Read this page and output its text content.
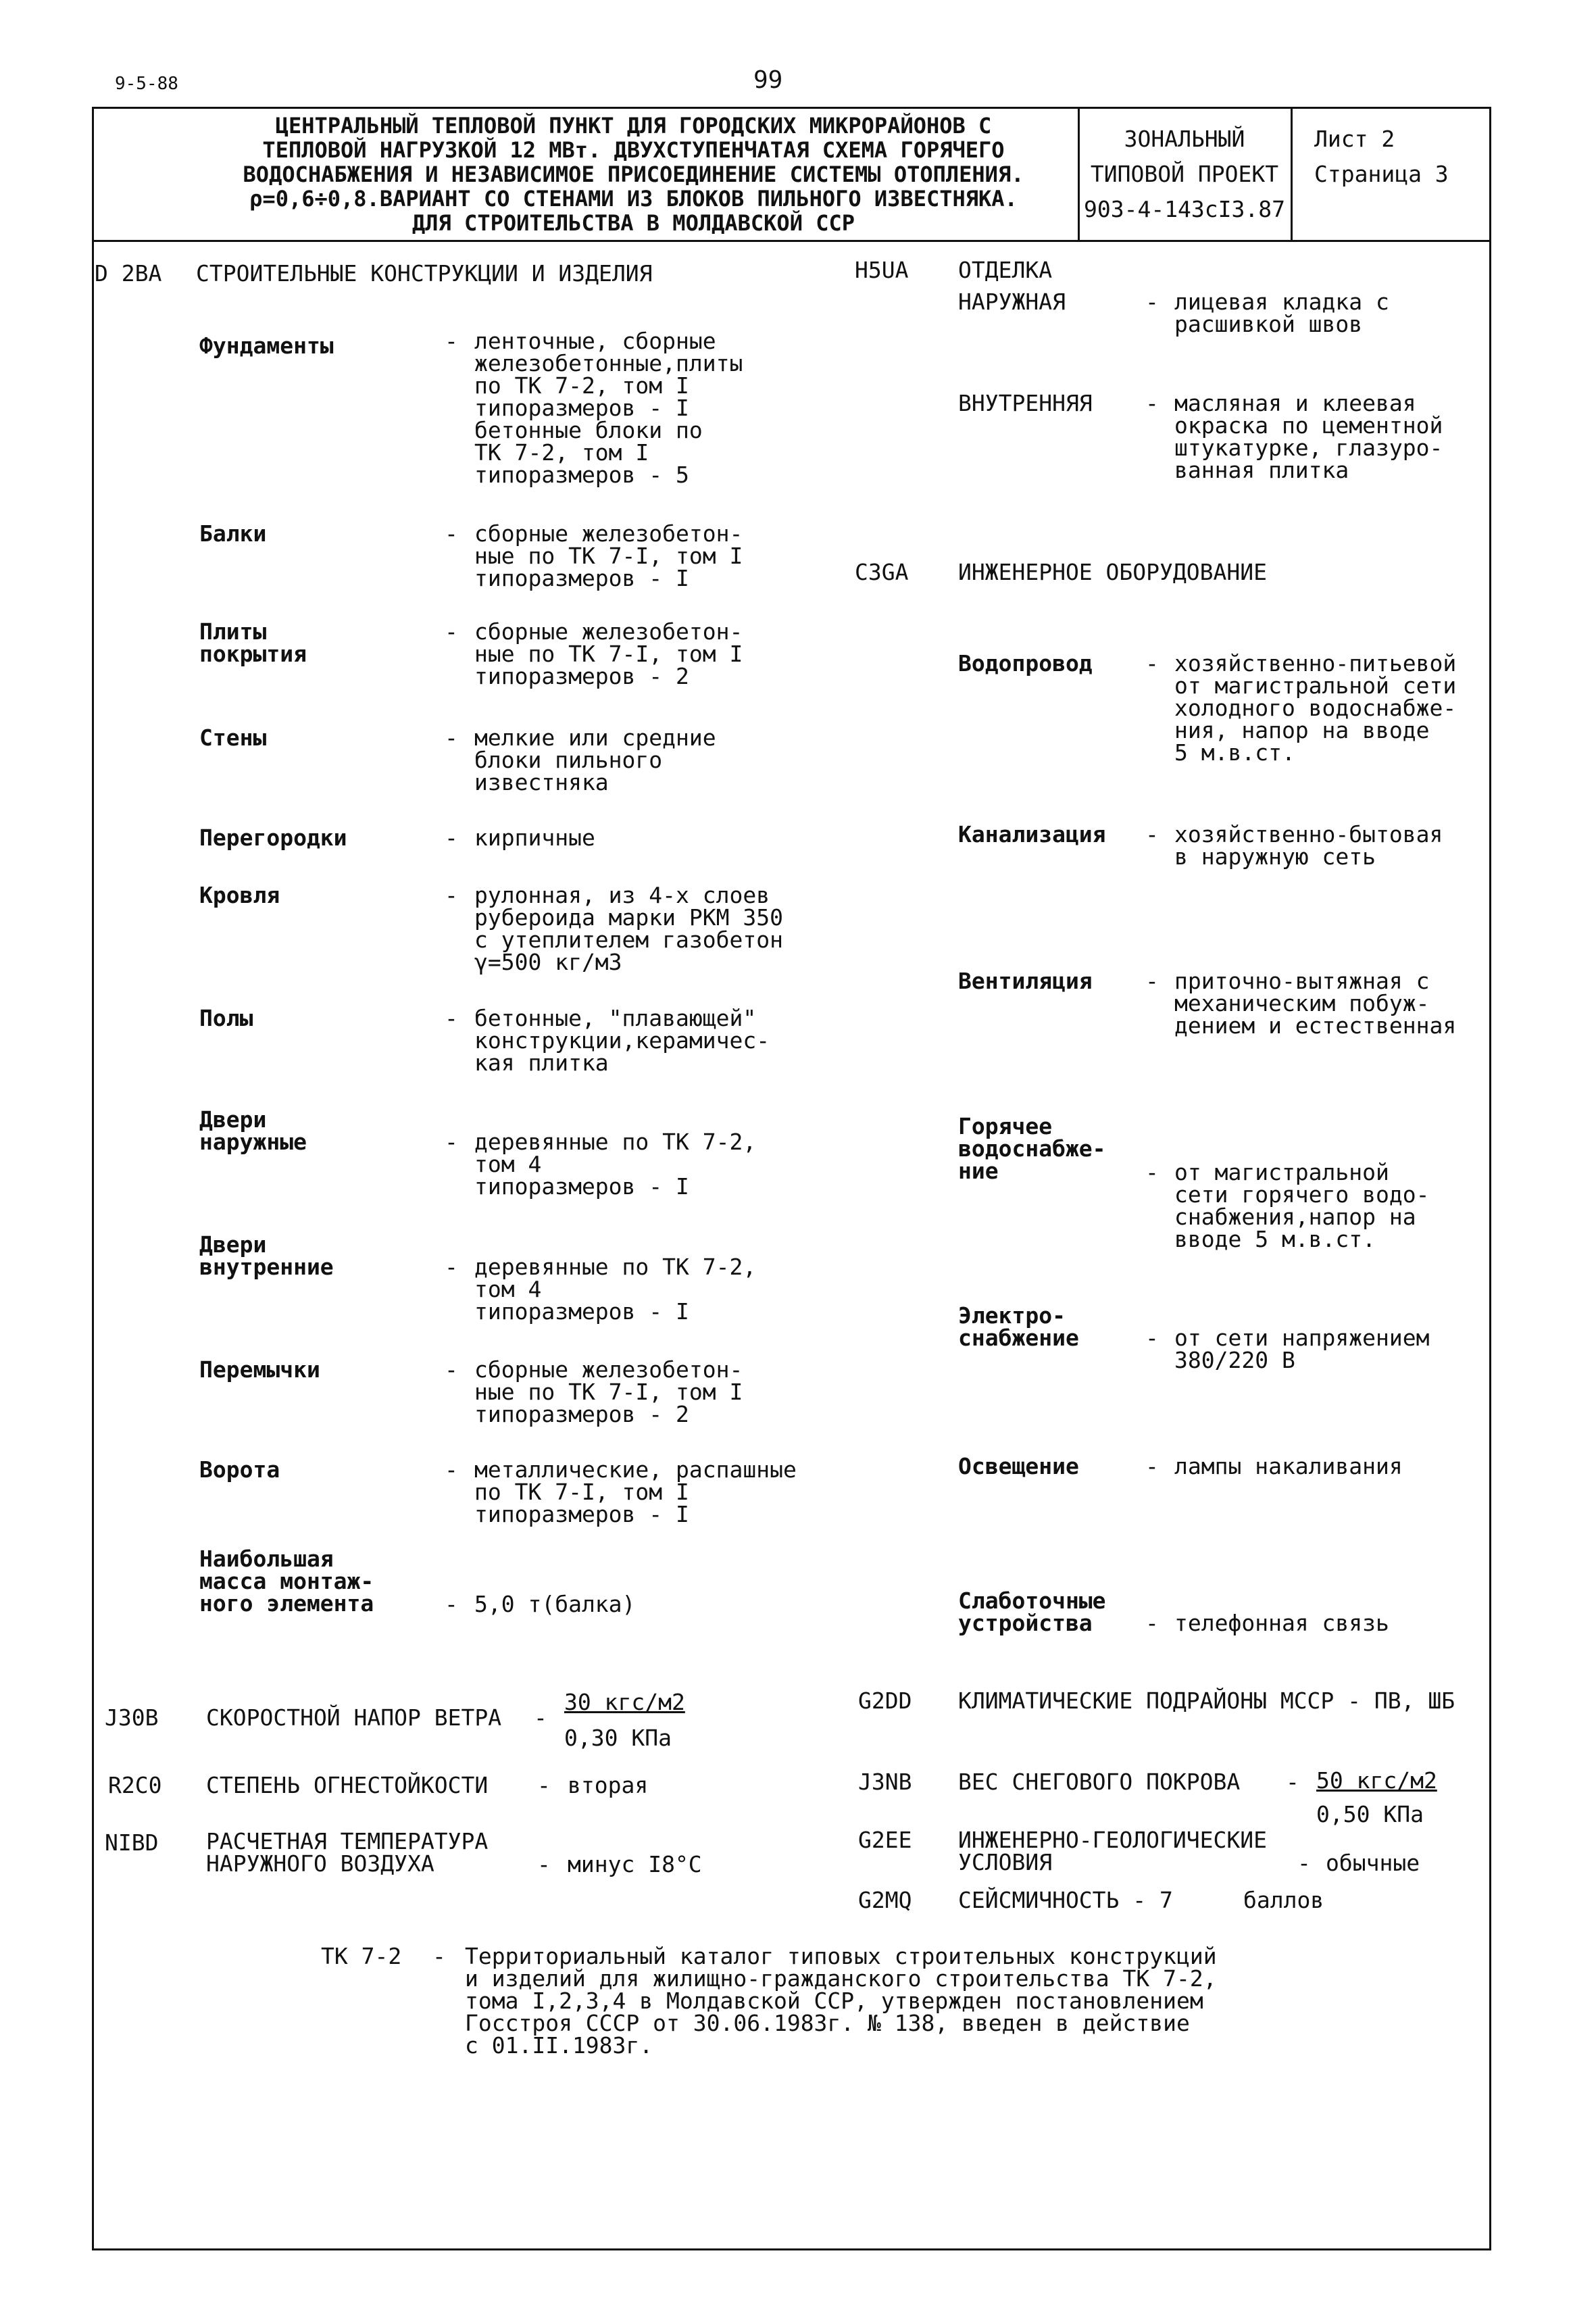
9-5-88	99
ЦЕНТРАЛЬНЫЙ ТЕПЛОВОЙ ПУНКТ ДЛЯ ГОРОДСКИХ МИКРОРАЙОНОВ С
ТЕПЛОВОЙ НАГРУЗКОЙ 12 МВт. ДВУХСТУПЕНЧАТАЯ СХЕМА ГОРЯЧЕГО
ВОДОСНАБЖЕНИЯ И НЕЗАВИСИМОЕ ПРИСОЕДИНЕНИЕ СИСТЕМЫ ОТОПЛЕНИЯ.
ρ=0,6÷0,8.ВАРИАНТ СО СТЕНАМИ ИЗ БЛОКОВ ПИЛЬНОГО ИЗВЕСТНЯКА.
ДЛЯ СТРОИТЕЛЬСТВА В МОЛДАВСКОЙ ССР
ЗОНАЛЬНЫЙ
ТИПОВОЙ ПРОЕКТ
903-4-143сI3.87
Лист 2
Страница 3
D 2BA СТРОИТЕЛЬНЫЕ КОНСТРУКЦИИ И ИЗДЕЛИЯ
Фундаменты	- ленточные, сборные
железобетонные,плиты
по ТК 7-2, том I
типоразмеров - I
бетонные блоки по
ТК 7-2, том I
типоразмеров - 5
Балки	- сборные железобетон-
ные по ТК 7-I, том I
типоразмеров - I
Плиты
покрытия
- сборные железобетон-
ные по ТК 7-I, том I
типоразмеров - 2
Стены	- мелкие или средние
блоки пильного
известняка
Перегородки	- кирпичные
Кровля	- рулонная, из 4-х слоев
рубероида марки РКМ 350
с утеплителем газобетон
γ=500 кг/м3
Полы	- бетонные, "плавающей"
конструкции,керамичес-
кая плитка
Двери
наружные	- деревянные по ТК 7-2,
том 4
типоразмеров - I
Двери
внутренние	- деревянные по ТК 7-2,
том 4
типоразмеров - I
Перемычки	- сборные железобетон-
ные по ТК 7-I, том I
типоразмеров - 2
Ворота	- металлические, распашные
по ТК 7-I, том I
типоразмеров - I
Наибольшая
масса монтаж-
ного элемента	- 5,0 т(балка)
H5UA ОТДЕЛКА
НАРУЖНАЯ	- лицевая кладка с
расшивкой швов
ВНУТРЕННЯЯ - масляная и клеевая
окраска по цементной
штукатурке, глазуро-
ванная плитка
C3GA ИНЖЕНЕРНОЕ ОБОРУДОВАНИЕ
Водопровод - хозяйственно-питьевой
от магистральной сети
холодного водоснабже-
ния, напор на вводе
5 м.в.ст.
Канализация - хозяйственно-бытовая
в наружную сеть
Вентиляция - приточно-вытяжная с
механическим побуж-
дением и естественная
Горячее
водоснабже-
ние	- от магистральной
сети горячего водо-
снабжения,напор на
вводе 5 м.в.ст.
Электро-
снабжение	- от сети напряжением
380/220 В
Освещение	- лампы накаливания
Слаботочные
устройства	- телефонная связь
J30B СКОРОСТНОЙ НАПОР ВЕТРА -
30 кгс/м2
0,30 КПа
R2C0 СТЕПЕНЬ ОГНЕСТОЙКОСТИ - вторая
NIBD РАСЧЕТНАЯ ТЕМПЕРАТУРА
НАРУЖНОГО ВОЗДУХА	- минус I8°С
G2DD КЛИМАТИЧЕСКИЕ ПОДРАЙОНЫ МССР - ПВ, ШБ
J3NB ВЕС СНЕГОВОГО ПОКРОВА - 50 кгс/м2
0,50 КПа
G2EE ИНЖЕНЕРНО-ГЕОЛОГИЧЕСКИЕ
УСЛОВИЯ	- обычные
G2MQ СЕЙСМИЧНОСТЬ - 7	баллов
ТК 7-2 - Территориальный каталог типовых строительных конструкций
и изделий для жилищно-гражданского строительства ТК 7-2,
тома I,2,3,4 в Молдавской ССР, утвержден постановлением
Госстроя СССР от 30.06.1983г. № 138, введен в действие
с 01.II.1983г.
